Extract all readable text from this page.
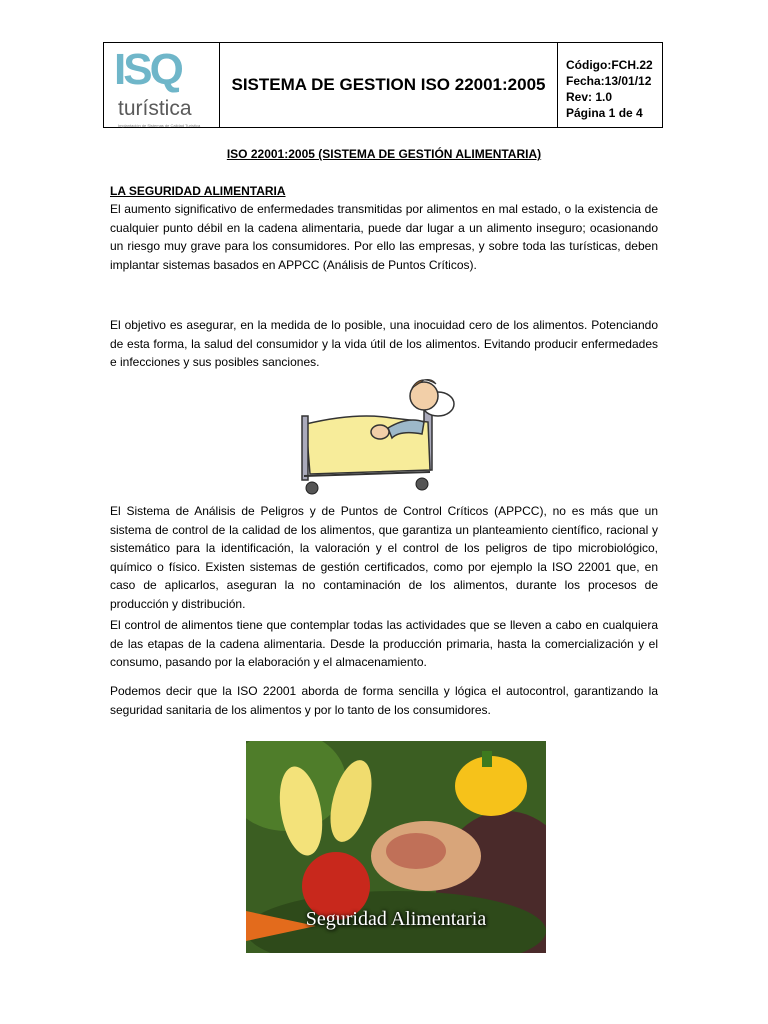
ISQ
turística
Implantación de Sistemas de Calidad Turística
SISTEMA DE GESTION ISO 22001:2005
Código:FCH.22
Fecha:13/01/12
Rev: 1.0
Página 1 de 4
ISO 22001:2005 (SISTEMA DE GESTIÓN ALIMENTARIA)
LA SEGURIDAD ALIMENTARIA
El aumento significativo de enfermedades transmitidas por alimentos en mal estado, o la existencia de cualquier punto débil en la cadena alimentaria, puede dar lugar a un alimento inseguro; ocasionando un riesgo muy grave para los consumidores. Por ello las empresas, y sobre toda las turísticas, deben implantar sistemas basados en APPCC (Análisis de Puntos Críticos).
El objetivo es asegurar, en la medida de lo posible, una inocuidad cero de los alimentos. Potenciando de esta forma, la salud del consumidor y la vida útil de los alimentos. Evitando producir enfermedades e infecciones y sus posibles sanciones.
El Sistema de Análisis de Peligros y de Puntos de Control Críticos (APPCC), no es más que un sistema de control de la calidad de los alimentos, que garantiza un planteamiento científico, racional y sistemático para la identificación, la valoración y el control de los peligros de tipo microbiológico, químico o físico. Existen sistemas de gestión certificados, como por ejemplo la ISO 22001 que, en caso de aplicarlos, aseguran la no contaminación de los alimentos, durante los procesos de producción y distribución.
El control de alimentos tiene que contemplar todas las actividades que se lleven a cabo en cualquiera de las etapas de la cadena alimentaria. Desde la producción primaria, hasta la comercialización y el consumo, pasando por la elaboración y el almacenamiento.
Podemos decir que la ISO 22001 aborda de forma sencilla y lógica el autocontrol, garantizando la seguridad sanitaria de los alimentos y por lo tanto de los consumidores.
Seguridad Alimentaria
